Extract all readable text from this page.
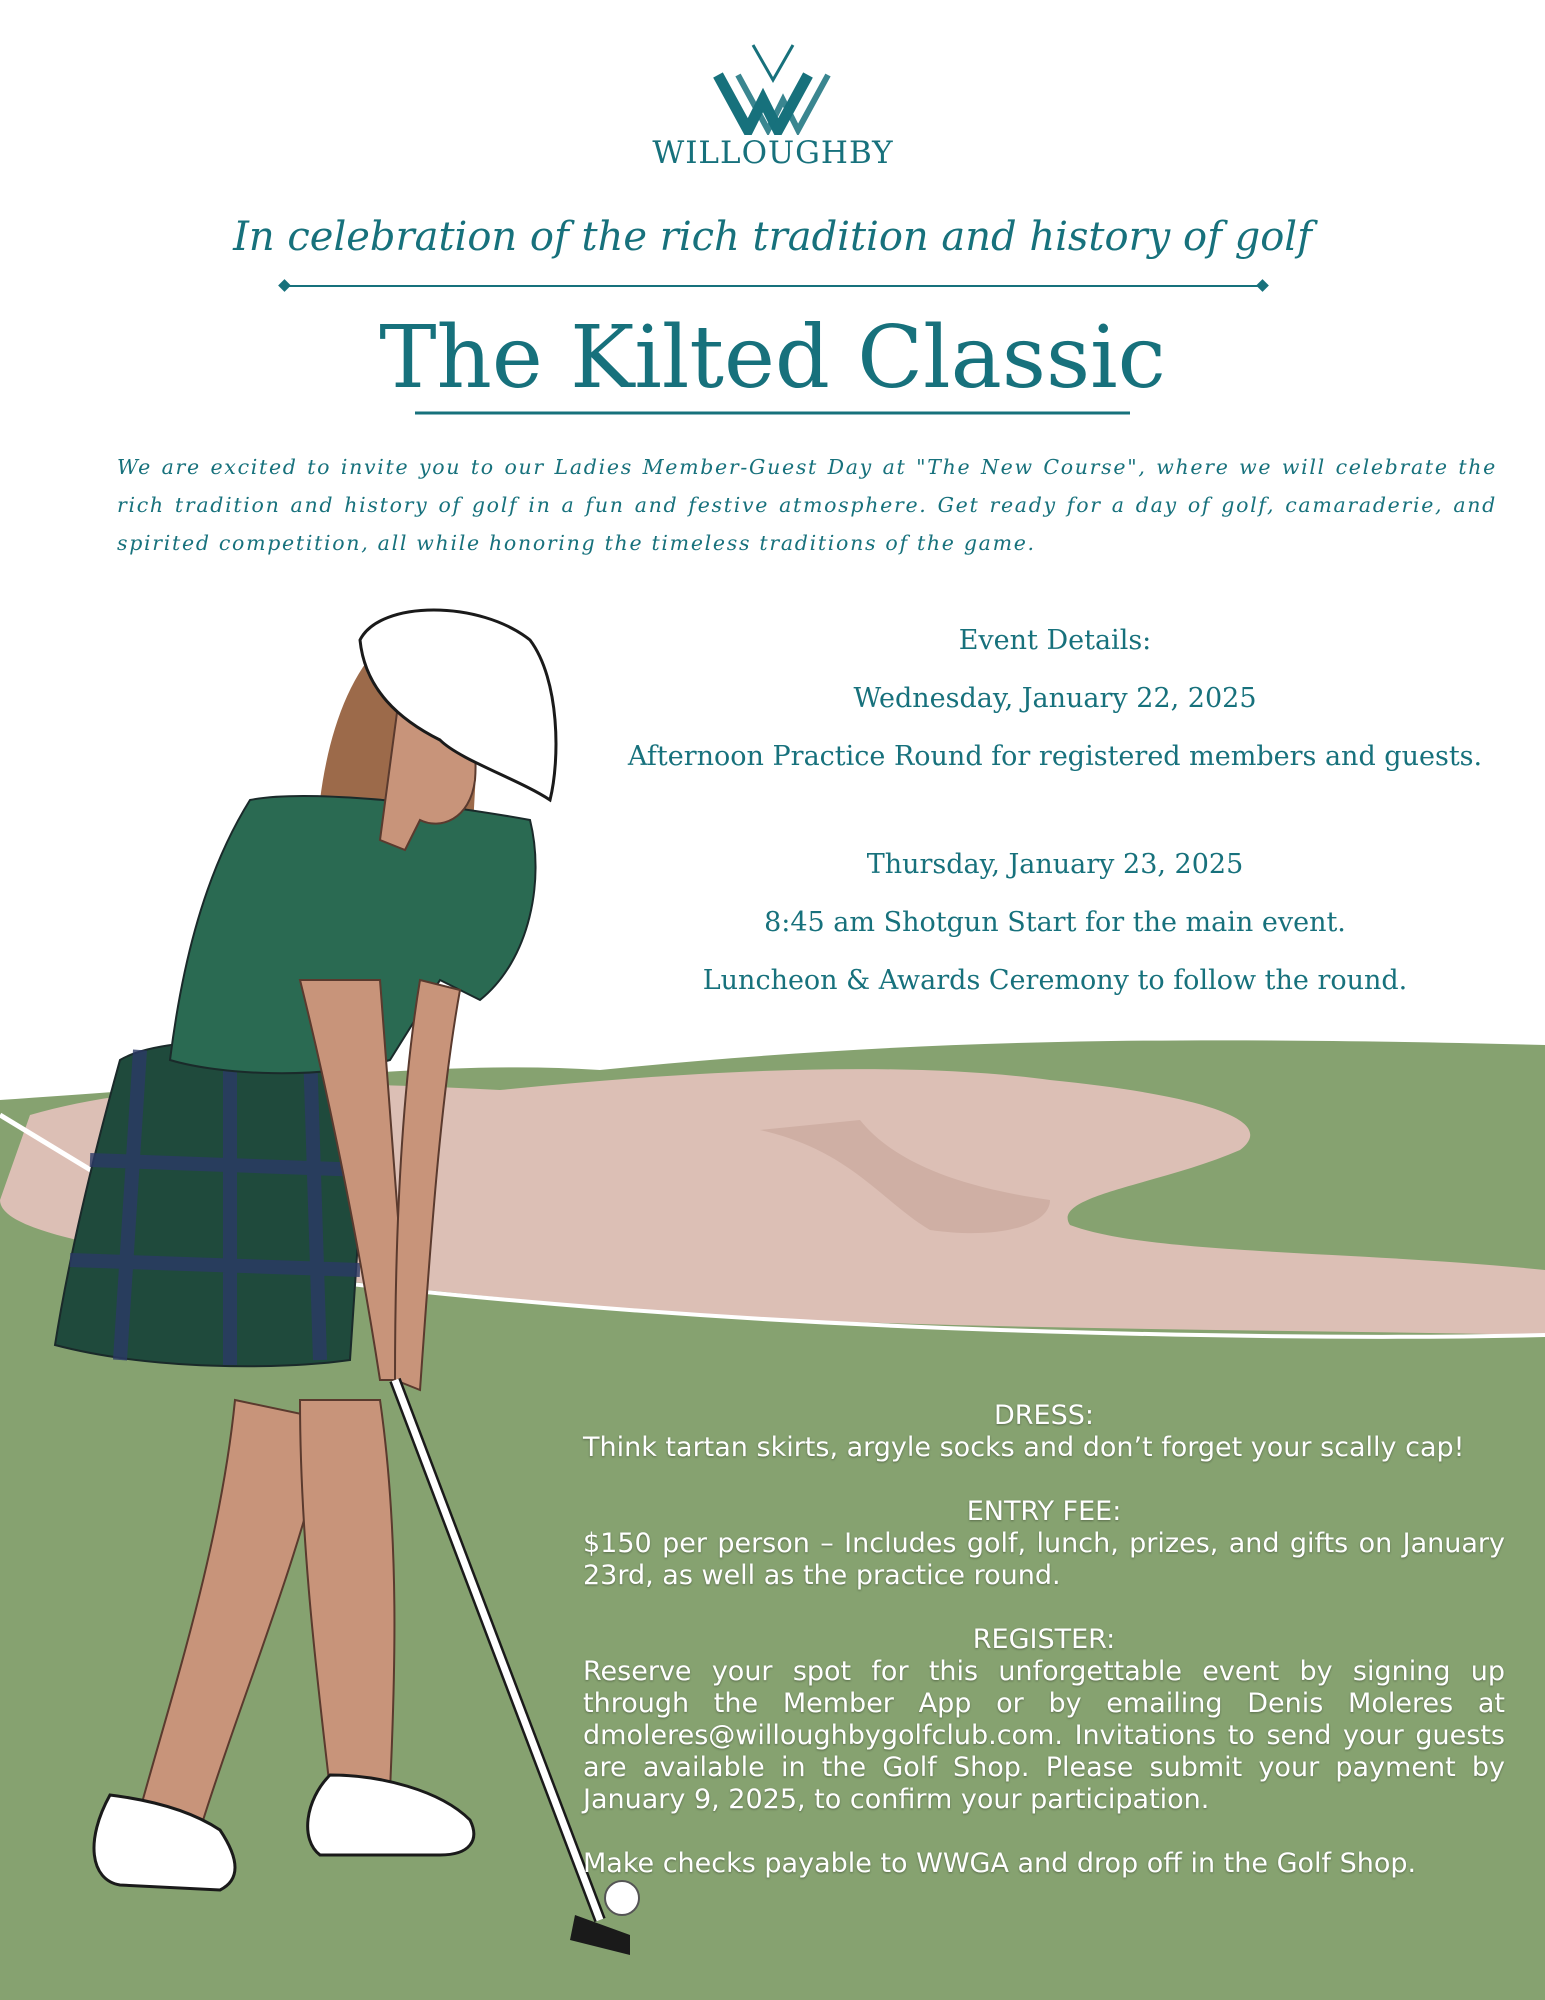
WILLOUGHBY
In celebration of the rich tradition and history of golf
The Kilted Classic
We are excited to invite you to our Ladies Member-Guest Day at "The New Course", where we will celebrate the rich tradition and history of golf in a fun and festive atmosphere. Get ready for a day of golf, camaraderie, and spirited competition, all while honoring the timeless traditions of the game.
Event Details:
Wednesday, January 22, 2025
Afternoon Practice Round for registered members and guests.
Thursday, January 23, 2025
8:45 am Shotgun Start for the main event.
Luncheon & Awards Ceremony to follow the round.
DRESS:
Think tartan skirts, argyle socks and don’t forget your scally cap!
ENTRY FEE:
$150 per person – Includes golf, lunch, prizes, and gifts on January 23rd, as well as the practice round.
REGISTER:
Reserve your spot for this unforgettable event by signing up through the Member App or by emailing Denis Moleres at dmoleres@willoughbygolfclub.com. Invitations to send your guests are available in the Golf Shop. Please submit your payment by January 9, 2025, to confirm your participation.
Make checks payable to WWGA and drop off in the Golf Shop.
